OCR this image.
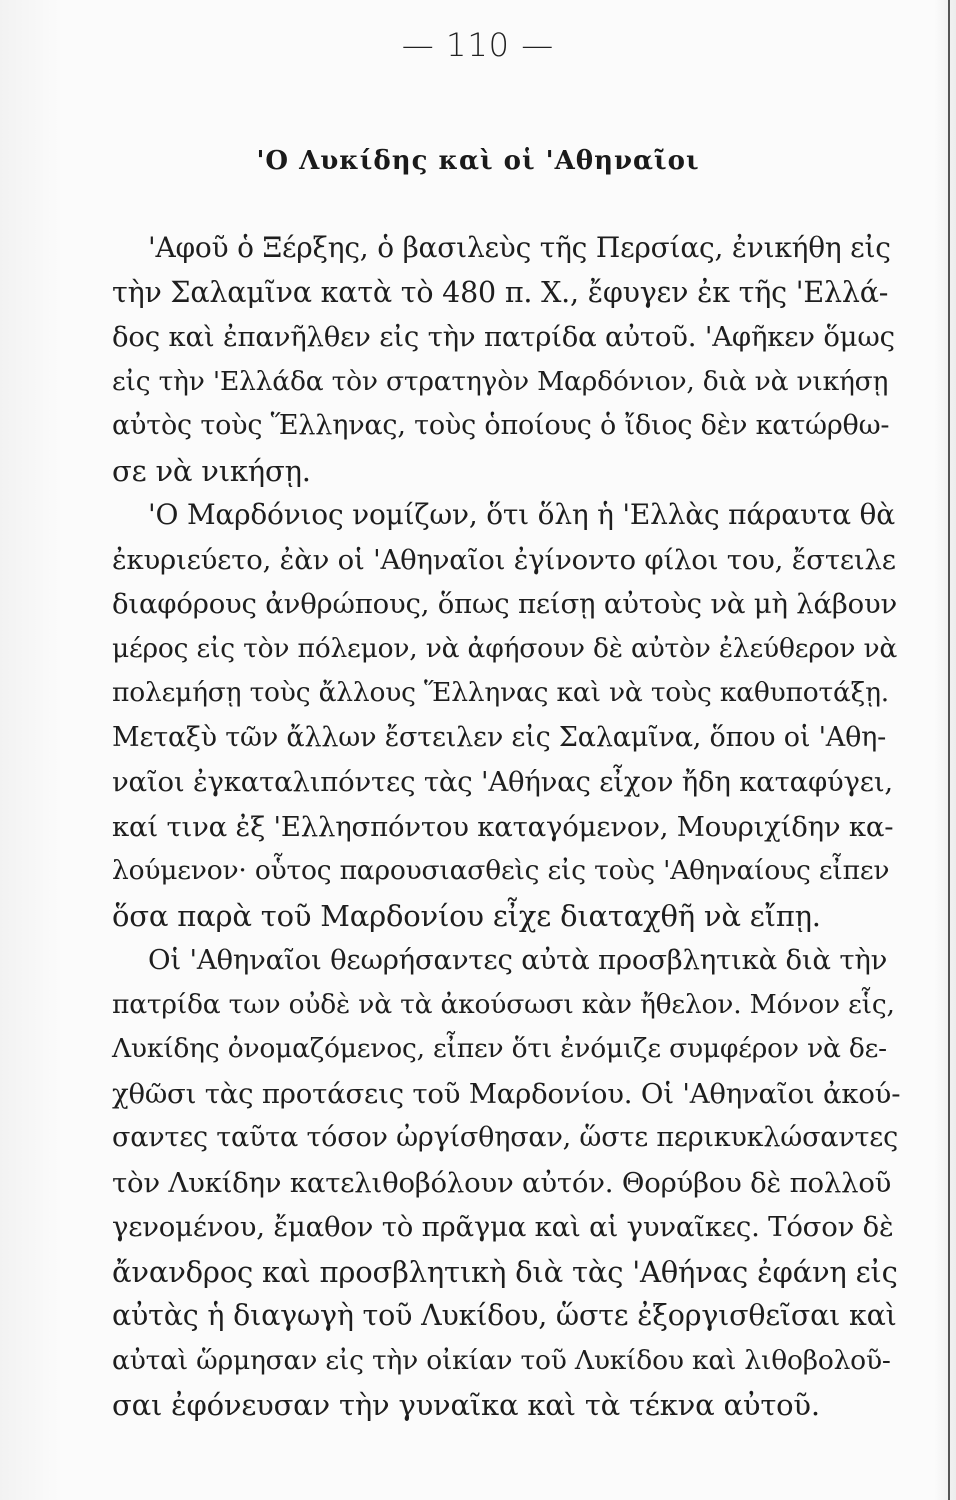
— 110 —
'Ο Λυκίδης καὶ οἱ 'Αθηναῖοι
'Αφοῦ ὁ Ξέρξης, ὁ βασιλεὺς τῆς Περσίας, ἐνικήθη εἰς
τὴν Σαλαμῖνα κατὰ τὸ 480 π. Χ., ἔφυγεν ἐκ τῆς 'Ελλά-
δος καὶ ἐπανῆλθεν εἰς τὴν πατρίδα αὐτοῦ. 'Αφῆκεν ὅμως
εἰς τὴν 'Ελλάδα τὸν στρατηγὸν Μαρδόνιον, διὰ νὰ νικήσῃ
αὐτὸς τοὺς Ἕλληνας, τοὺς ὁποίους ὁ ἴδιος δὲν κατώρθω-
σε νὰ νικήσῃ.
'Ο Μαρδόνιος νομίζων, ὅτι ὅλη ἡ 'Ελλὰς πάραυτα θὰ
ἐκυριεύετο, ἐὰν οἱ 'Αθηναῖοι ἐγίνοντο φίλοι του, ἔστειλε
διαφόρους ἀνθρώπους, ὅπως πείσῃ αὐτοὺς νὰ μὴ λάβουν
μέρος εἰς τὸν πόλεμον, νὰ ἀφήσουν δὲ αὐτὸν ἐλεύθερον νὰ
πολεμήσῃ τοὺς ἄλλους Ἕλληνας καὶ νὰ τοὺς καθυποτάξῃ.
Μεταξὺ τῶν ἄλλων ἔστειλεν εἰς Σαλαμῖνα, ὅπου οἱ 'Αθη-
ναῖοι ἐγκαταλιπόντες τὰς 'Αθήνας εἶχον ἤδη καταφύγει,
καί τινα ἐξ 'Ελλησπόντου καταγόμενον, Μουριχίδην κα-
λούμενον· οὗτος παρουσιασθεὶς εἰς τοὺς 'Αθηναίους εἶπεν
ὅσα παρὰ τοῦ Μαρδονίου εἶχε διαταχθῆ νὰ εἴπῃ.
Οἱ 'Αθηναῖοι θεωρήσαντες αὐτὰ προσβλητικὰ διὰ τὴν
πατρίδα των οὐδὲ νὰ τὰ ἀκούσωσι κὰν ἤθελον. Μόνον εἷς,
Λυκίδης ὀνομαζόμενος, εἶπεν ὅτι ἐνόμιζε συμφέρον νὰ δε-
χθῶσι τὰς προτάσεις τοῦ Μαρδονίου. Οἱ 'Αθηναῖοι ἀκού-
σαντες ταῦτα τόσον ὠργίσθησαν, ὥστε περικυκλώσαντες
τὸν Λυκίδην κατελιθοβόλουν αὐτόν. Θορύβου δὲ πολλοῦ
γενομένου, ἔμαθον τὸ πρᾶγμα καὶ αἱ γυναῖκες. Τόσον δὲ
ἄνανδρος καὶ προσβλητικὴ διὰ τὰς 'Αθήνας ἐφάνη εἰς
αὐτὰς ἡ διαγωγὴ τοῦ Λυκίδου, ὥστε ἐξοργισθεῖσαι καὶ
αὐταὶ ὥρμησαν εἰς τὴν οἰκίαν τοῦ Λυκίδου καὶ λιθοβολοῦ-
σαι ἐφόνευσαν τὴν γυναῖκα καὶ τὰ τέκνα αὐτοῦ.
